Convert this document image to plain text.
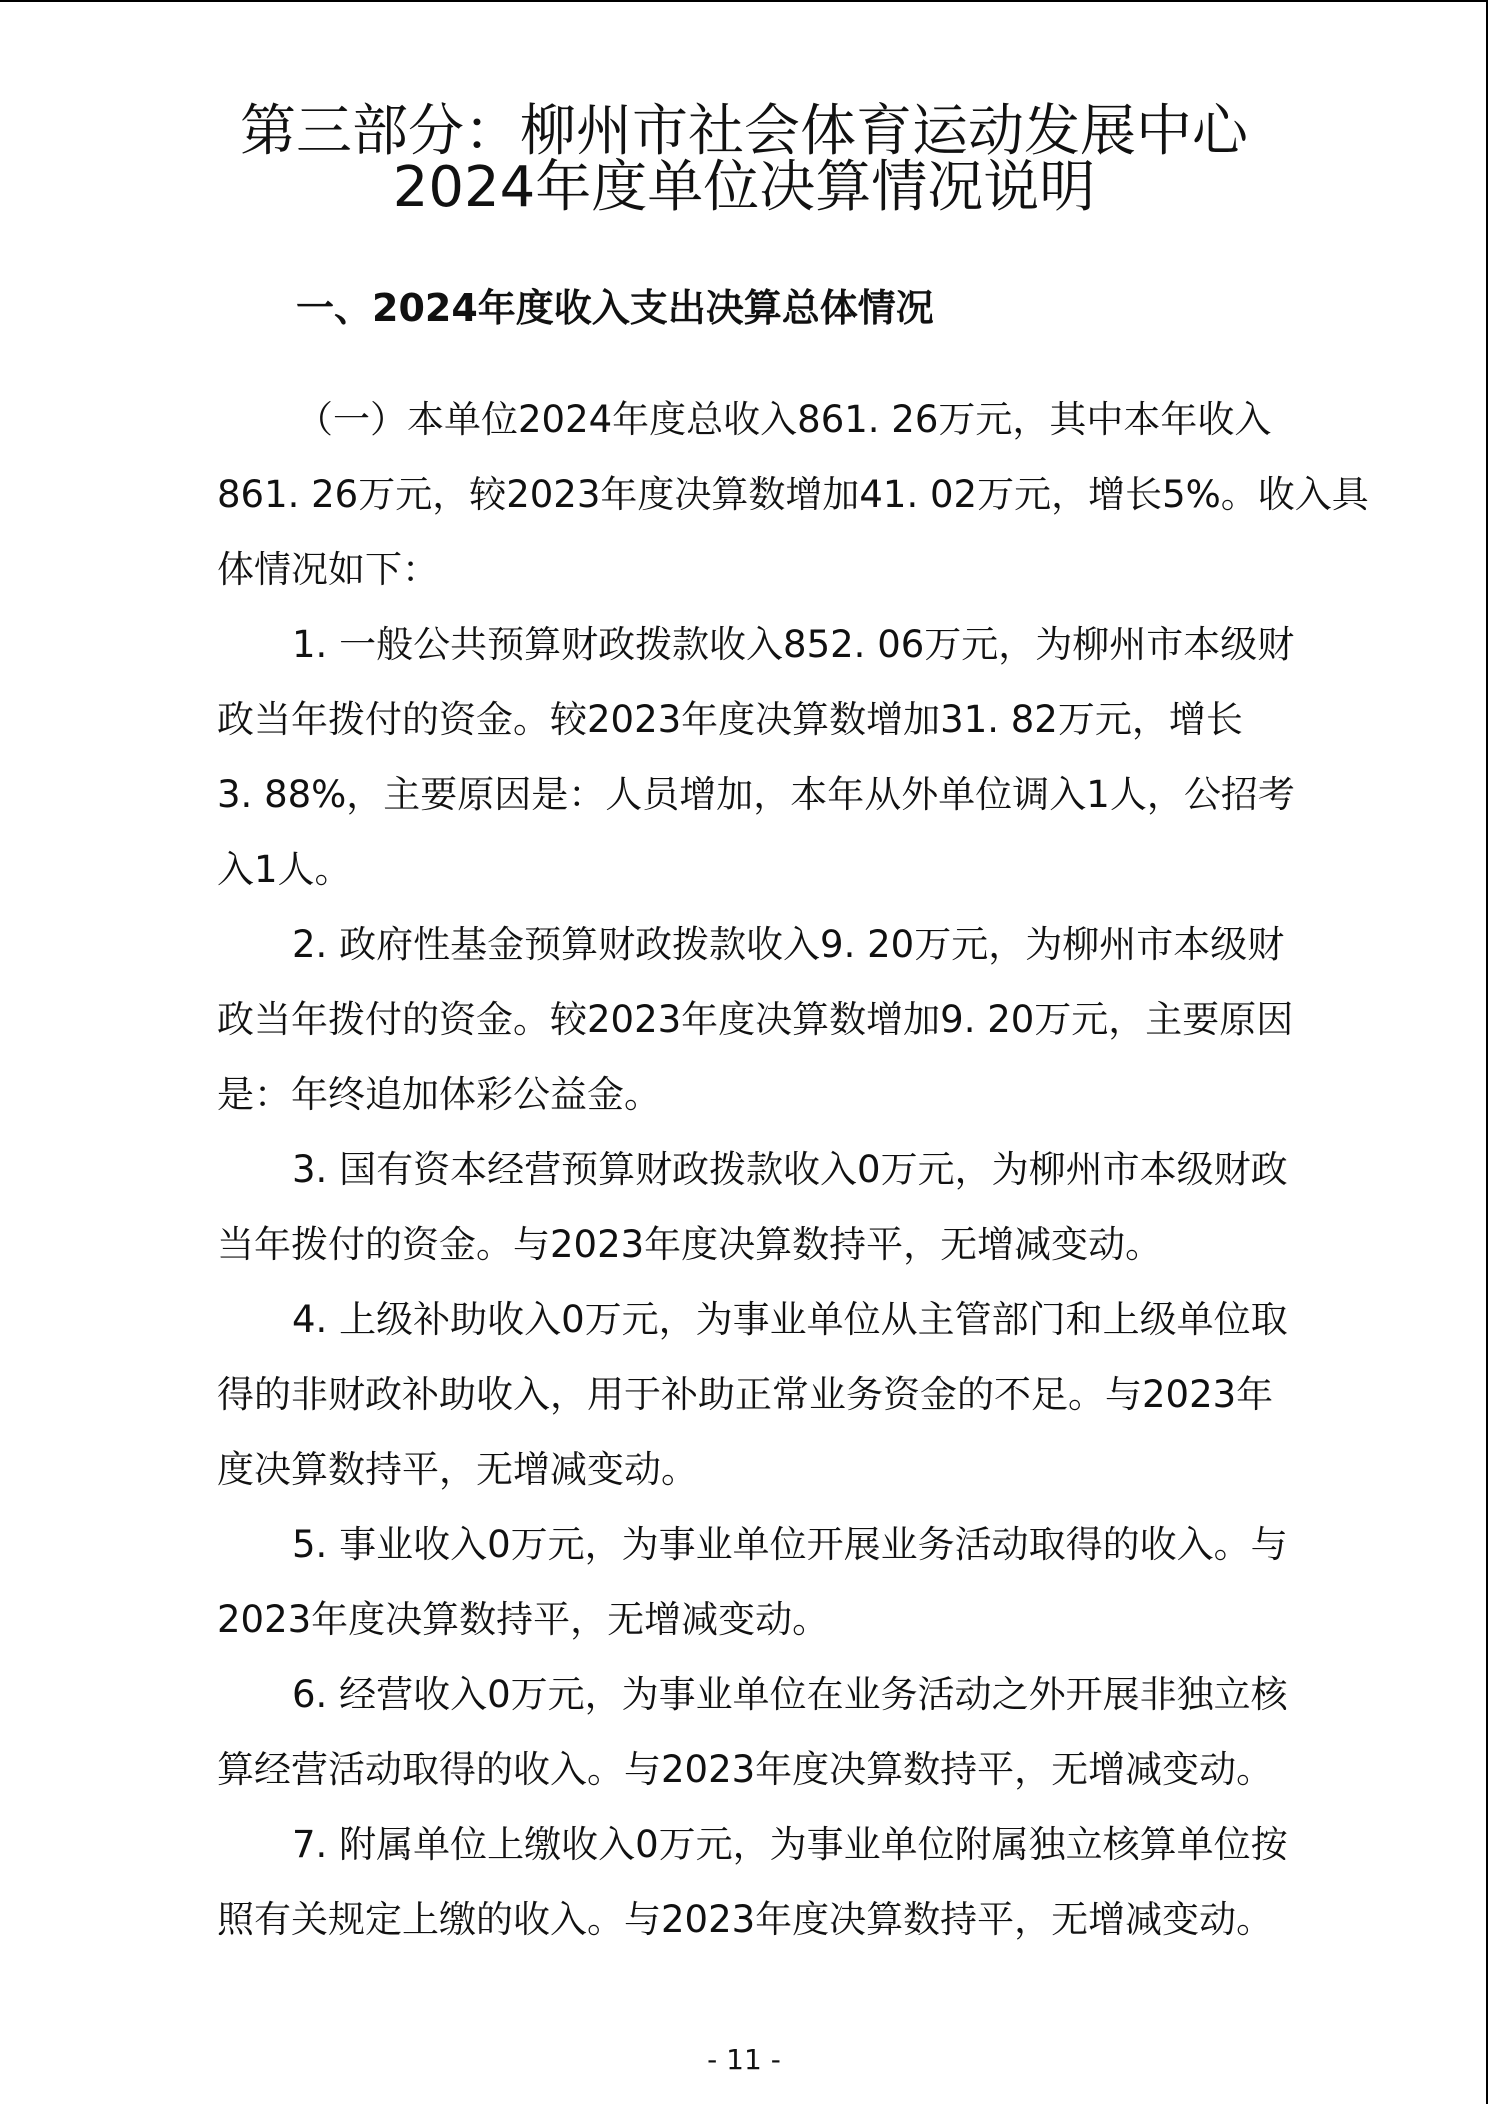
第三部分：柳州市社会体育运动发展中心
2024年度单位决算情况说明
一、2024年度收入支出决算总体情况

（一）本单位2024年度总收入861. 26万元，其中本年收入

861. 26万元，较2023年度决算数增加41. 02万元，增长5%。收入具

体情况如下：

1. 一般公共预算财政拨款收入852. 06万元，为柳州市本级财

政当年拨付的资金。较2023年度决算数增加31. 82万元，增长

3. 88%，主要原因是：人员增加，本年从外单位调入1人，公招考

入1人。

2. 政府性基金预算财政拨款收入9. 20万元，为柳州市本级财

政当年拨付的资金。较2023年度决算数增加9. 20万元，主要原因

是：年终追加体彩公益金。

3. 国有资本经营预算财政拨款收入0万元，为柳州市本级财政

当年拨付的资金。与2023年度决算数持平，无增减变动。

4. 上级补助收入0万元，为事业单位从主管部门和上级单位取

得的非财政补助收入，用于补助正常业务资金的不足。与2023年

度决算数持平，无增减变动。

5. 事业收入0万元，为事业单位开展业务活动取得的收入。与

2023年度决算数持平，无增减变动。

6. 经营收入0万元，为事业单位在业务活动之外开展非独立核

算经营活动取得的收入。与2023年度决算数持平，无增减变动。

7. 附属单位上缴收入0万元，为事业单位附属独立核算单位按

照有关规定上缴的收入。与2023年度决算数持平，无增减变动。

- 11 -
